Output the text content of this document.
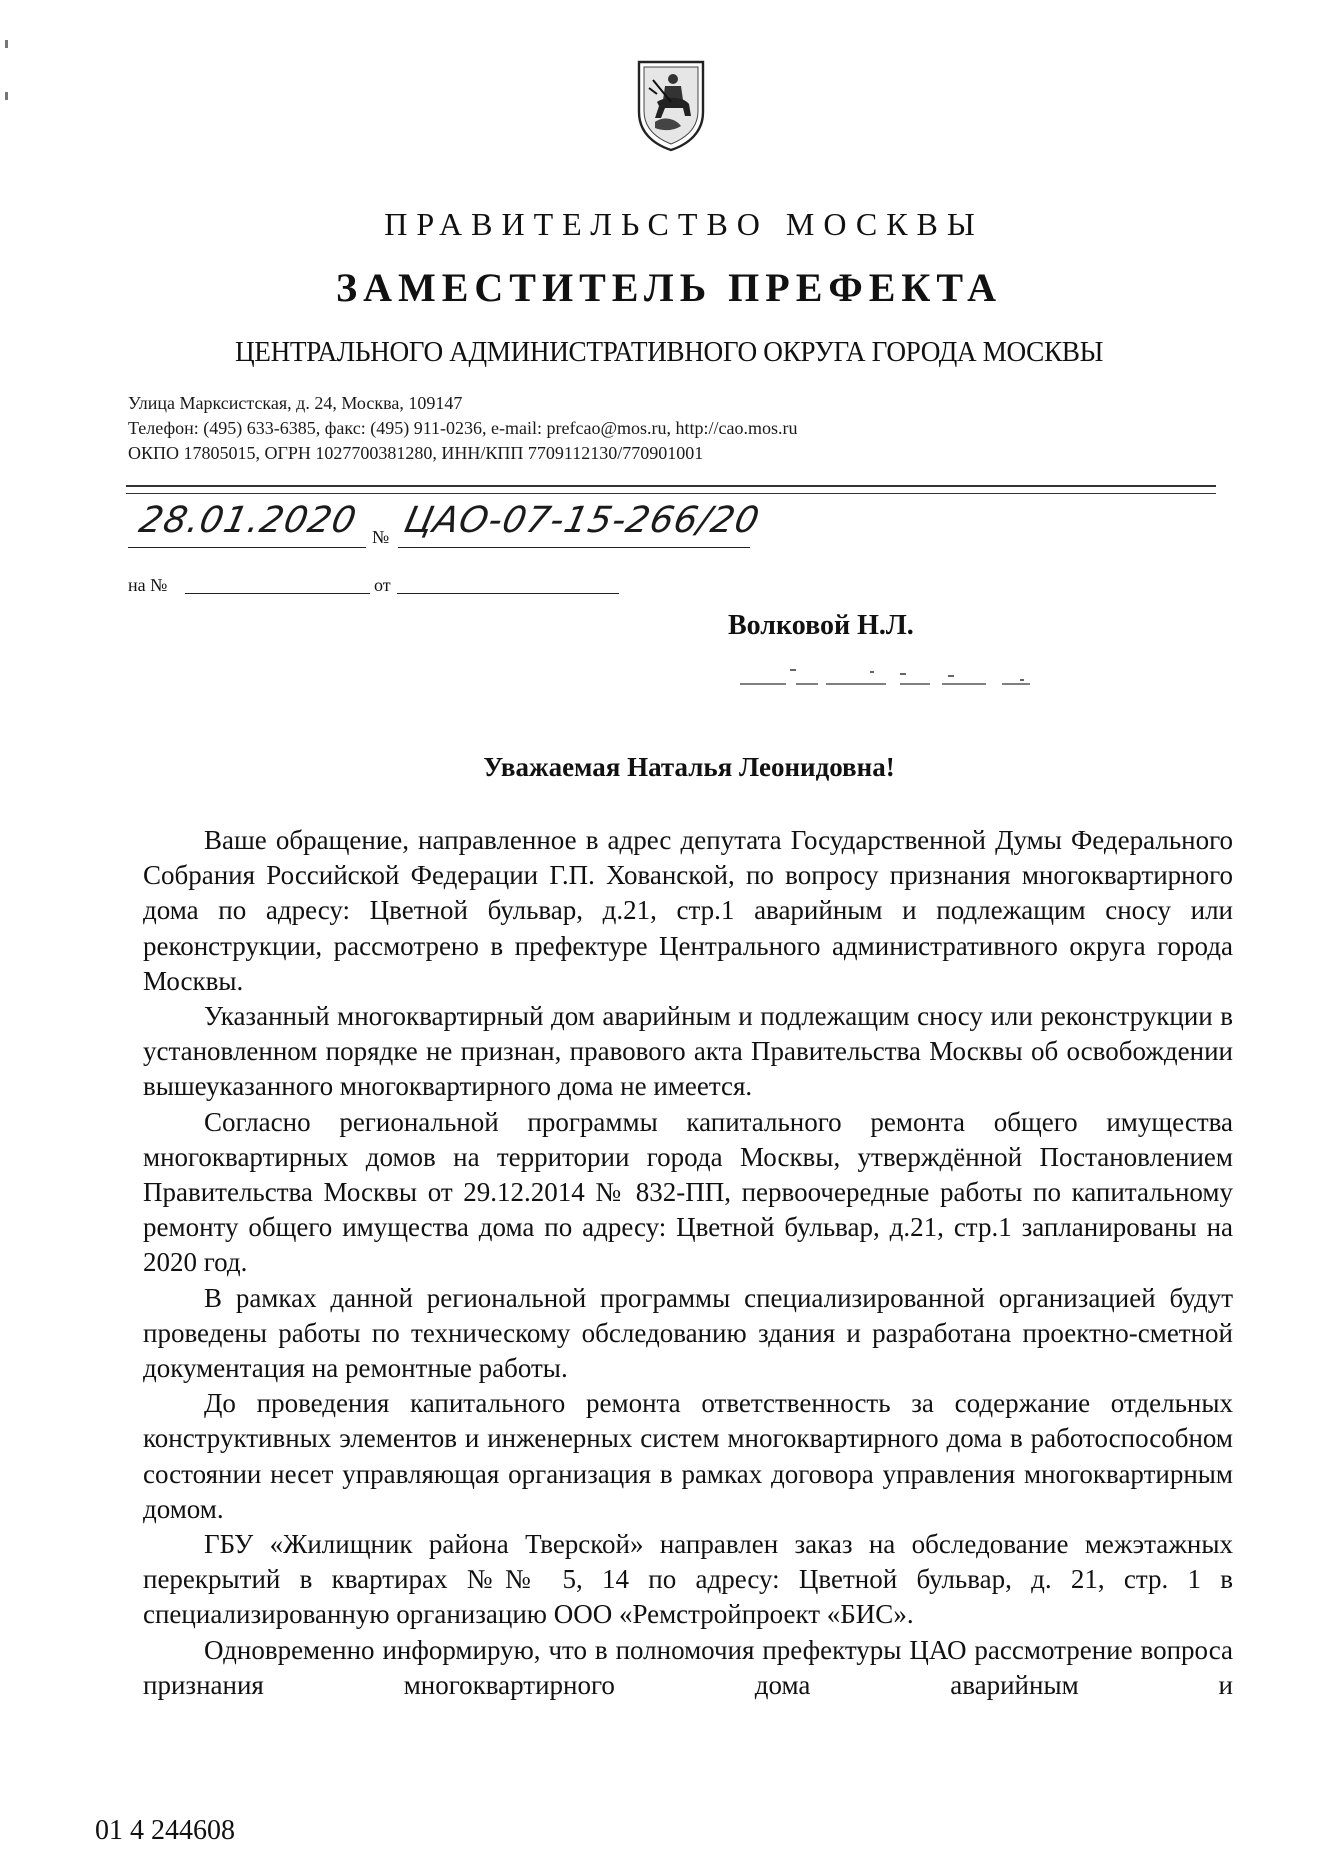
ПРАВИТЕЛЬСТВО МОСКВЫ
ЗАМЕСТИТЕЛЬ ПРЕФЕКТА
ЦЕНТРАЛЬНОГО АДМИНИСТРАТИВНОГО ОКРУГА ГОРОДА МОСКВЫ
Улица Марксистская, д. 24, Москва, 109147
Телефон: (495) 633-6385, факс: (495) 911-0236, e-mail: prefcao@mos.ru, http://cao.mos.ru
ОКПО 17805015, ОГРН 1027700381280, ИНН/КПП 7709112130/770901001
28.01.2020 № ЦАО-07-15-266/20
на №	от
Волковой Н.Л.
Уважаемая Наталья Леонидовна!

Ваше обращение, направленное в адрес депутата Государственной Думы Федерального Собрания Российской Федерации Г.П. Хованской, по вопросу признания многоквартирного дома по адресу: Цветной бульвар, д.21, стр.1 аварийным и подлежащим сносу или реконструкции, рассмотрено в префектуре Центрального административного округа города Москвы.

Указанный многоквартирный дом аварийным и подлежащим сносу или реконструкции в установленном порядке не признан, правового акта Правительства Москвы об освобождении вышеуказанного многоквартирного дома не имеется.

Согласно региональной программы капитального ремонта общего имущества многоквартирных домов на территории города Москвы, утверждённой Постановлением Правительства Москвы от 29.12.2014 № 832-ПП, первоочередные работы по капитальному ремонту общего имущества дома по адресу: Цветной бульвар, д.21, стр.1 запланированы на 2020 год.

В рамках данной региональной программы специализированной организацией будут проведены работы по техническому обследованию здания и разработана проектно-сметной документация на ремонтные работы.

До проведения капитального ремонта ответственность за содержание отдельных конструктивных элементов и инженерных систем многоквартирного дома в работоспособном состоянии несет управляющая организация в рамках договора управления многоквартирным домом.

ГБУ «Жилищник района Тверской» направлен заказ на обследование межэтажных перекрытий в квартирах №№ 5, 14 по адресу: Цветной бульвар, д. 21, стр. 1 в специализированную организацию ООО «Ремстройпроект «БИС».

Одновременно информирую, что в полномочия префектуры ЦАО рассмотрение вопроса признания многоквартирного дома аварийным и

01 4 244608
